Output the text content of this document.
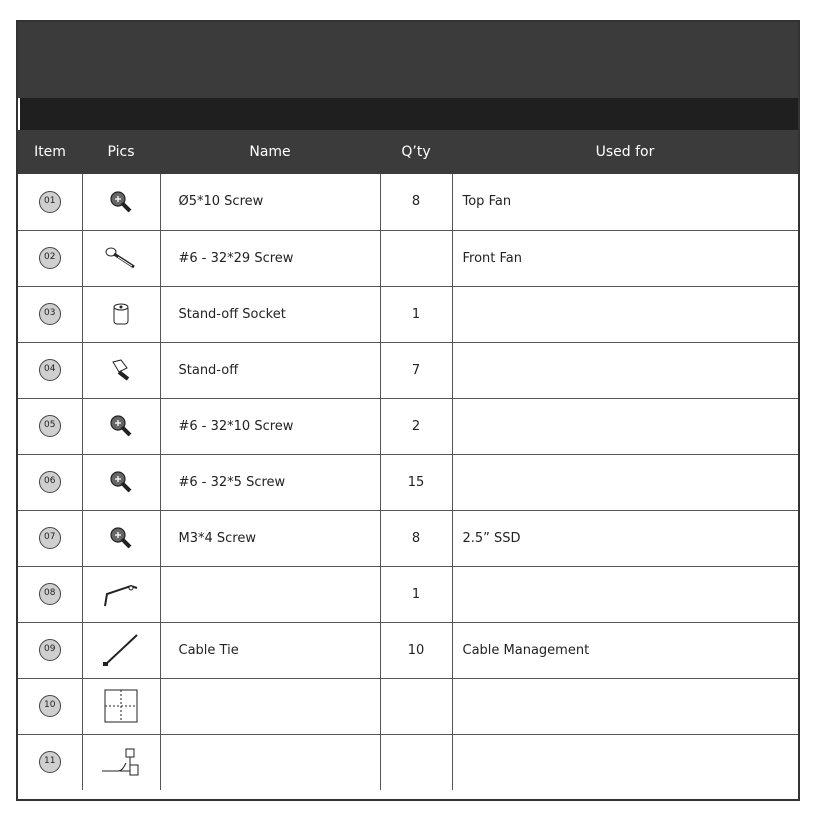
Item	Pics	Name	Q’ty	Used for
01		Ø5*10 Screw	8	Top Fan
02		#6 - 32*29 Screw		Front Fan
03		Stand-off Socket	1	
04		Stand-off	7	
05		#6 - 32*10 Screw	2	
06		#6 - 32*5 Screw	15	
07		M3*4 Screw	8	2.5” SSD
08			1	
09		Cable Tie	10	Cable Management
10	

11	
